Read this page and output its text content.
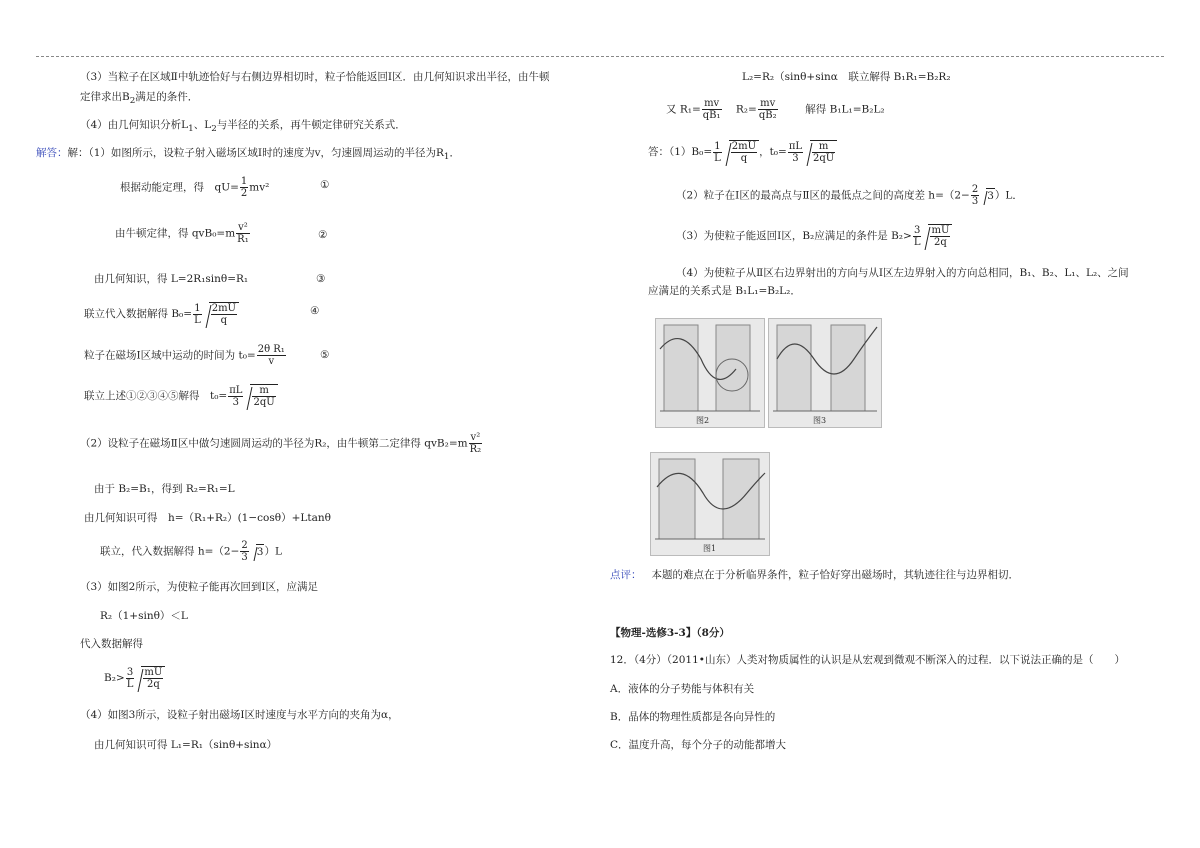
（3）当粒子在区域Ⅱ中轨迹恰好与右侧边界相切时，粒子恰能返回Ⅰ区．由几何知识求出半径，由牛顿
定律求出$B_2$满足的条件．
（4）由几何知识分析$L_1$、$L_2$与半径的关系，再牛顿定律研究关系式．
解答：解：（1）如图所示，设粒子射入磁场区域Ⅰ时的速度为v，匀速圆周运动的半径为$R_1$．
根据动能定理，得　$qU= \frac{1}{2} mv^2$	①
由牛顿定律，得 $qvB_0=m \frac{\text{v²}}{\text{R₁}}$	②
由几何知识，得 L=2R₁sinθ=R₁	③
联立代入数据解得 $B_0= \frac{1}{L} \frac{2mU}{q}$	④
粒子在磁场Ⅰ区域中运动的时间为 $t_0= \frac{\text{2θ R₁}}{v}$	⑤
联立上述①②③④⑤解得　$t_0= \frac{\pi L}{3} \frac{m}{2qU}$
（2）设粒子在磁场Ⅱ区中做匀速圆周运动的半径为R₂，由牛顿第二定律得 $qvB_2=m \frac{\text{v²}}{\text{R₂}}$
由于 B₂=B₁，得到 R₂=R₁=L
由几何知识可得　h=（R₁+R₂）(1−cosθ）+Ltanθ
联立，代入数据解得 $h=(2- \frac{2}{3} 3)L$
（3）如图2所示，为使粒子能再次回到Ⅰ区，应满足
R₂（1+sinθ）＜L
代入数据解得
$B_2> \frac{3}{L} \frac{mU}{2q}$
（4）如图3所示，设粒子射出磁场Ⅰ区时速度与水平方向的夹角为α，
由几何知识可得 L₁=R₁（sinθ+sinα）
L₂=R₂（sinθ+sinα　联立解得 B₁R₁=B₂R₂
又 $R_1= \frac{mv}{\text{qB₁}} R_2= \frac{mv}{\text{qB₂}}$	解得 B₁L₁=B₂L₂
答：$(1)B_0= \frac{1}{L} \frac{2mU}{q}$ ，$t_0= \frac{\pi L}{3} \frac{m}{2qU}$
（2）粒子在Ⅰ区的最高点与Ⅱ区的最低点之间的高度差 $h=(2- \frac{2}{3} 3)L$．
（3）为使粒子能返回Ⅰ区，B₂应满足的条件是 $B_2> \frac{3}{L} \frac{mU}{2q}$
（4）为使粒子从Ⅱ区右边界射出的方向与从Ⅰ区左边界射入的方向总相同，B₁、B₂、L₁、L₂、之间
应满足的关系式是 B₁L₁=B₂L₂．
图2	图3
图1
点评： 本题的难点在于分析临界条件，粒子恰好穿出磁场时，其轨迹往往与边界相切．
【物理-选修3-3】（8分）
12．（4分）（2011•山东）人类对物质属性的认识是从宏观到微观不断深入的过程．以下说法正确的是（　　）
A．液体的分子势能与体积有关
B．晶体的物理性质都是各向异性的
C．温度升高，每个分子的动能都增大
